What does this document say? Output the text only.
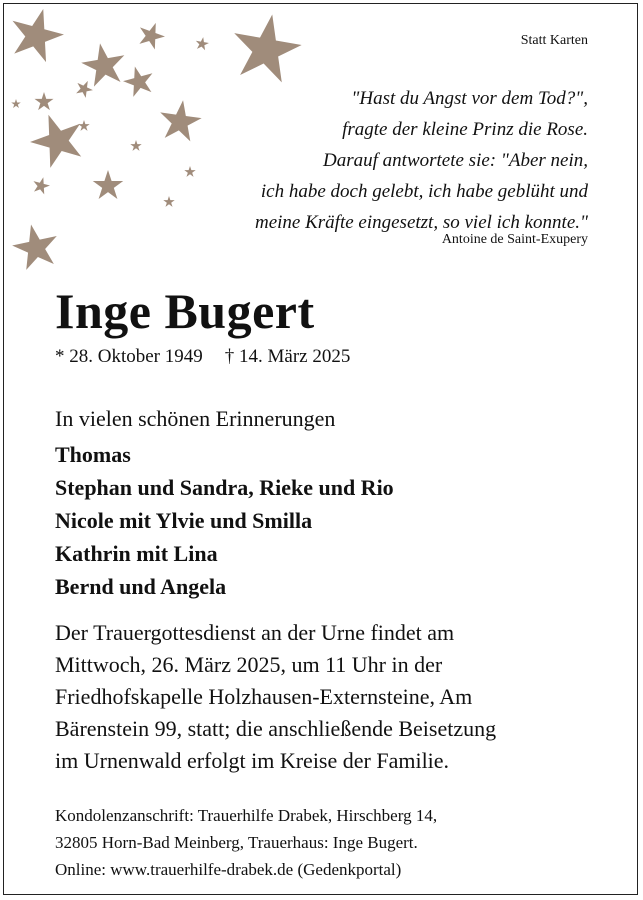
Statt Karten
"Hast du Angst vor dem Tod?",
fragte der kleine Prinz die Rose.
Darauf antwortete sie: "Aber nein,
ich habe doch gelebt, ich habe geblüht und
meine Kräfte eingesetzt, so viel ich konnte."
Antoine de Saint-Exupery
Inge Bugert
* 28. Oktober 1949 † 14. März 2025
In vielen schönen Erinnerungen
Thomas
Stephan und Sandra, Rieke und Rio
Nicole mit Ylvie und Smilla
Kathrin mit Lina
Bernd und Angela
Der Trauergottesdienst an der Urne findet am
Mittwoch, 26. März 2025, um 11 Uhr in der
Friedhofskapelle Holzhausen-Externsteine, Am
Bärenstein 99, statt; die anschließende Beisetzung
im Urnenwald erfolgt im Kreise der Familie.
Kondolenzanschrift: Trauerhilfe Drabek, Hirschberg 14,
32805 Horn-Bad Meinberg, Trauerhaus: Inge Bugert.
Online: www.trauerhilfe-drabek.de (Gedenkportal)
